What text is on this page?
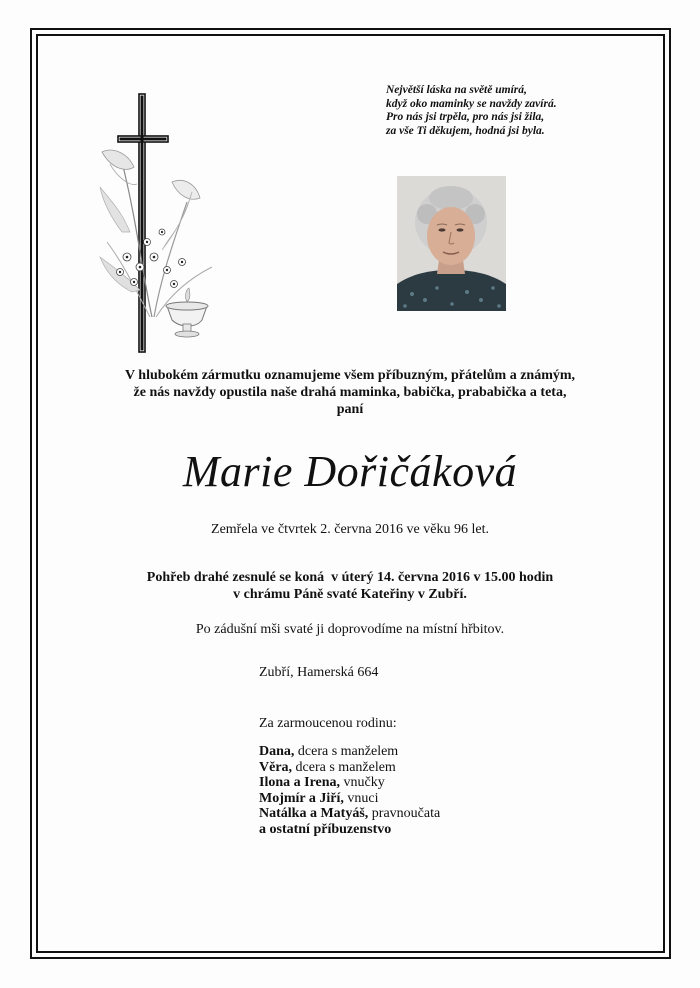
Největší láska na světě umírá,
když oko maminky se navždy zavírá.
Pro nás jsi trpěla, pro nás jsi žila,
za vše Ti děkujem, hodná jsi byla.
V hlubokém zármutku oznamujeme všem příbuzným, přátelům a známým,
že nás navždy opustila naše drahá maminka, babička, prababička a teta,
paní
Marie Dořičáková
Zemřela ve čtvrtek 2. června 2016 ve věku 96 let.
Pohřeb drahé zesnulé se koná  v úterý 14. června 2016 v 15.00 hodin
v chrámu Páně svaté Kateřiny v Zubří.
Po zádušní mši svaté ji doprovodíme na místní hřbitov.
Zubří, Hamerská 664
Za zarmoucenou rodinu:
Dana, dcera s manželem
Věra, dcera s manželem
Ilona a Irena, vnučky
Mojmír a Jiří, vnuci
Natálka a Matyáš, pravnoučata
a ostatní příbuzenstvo
